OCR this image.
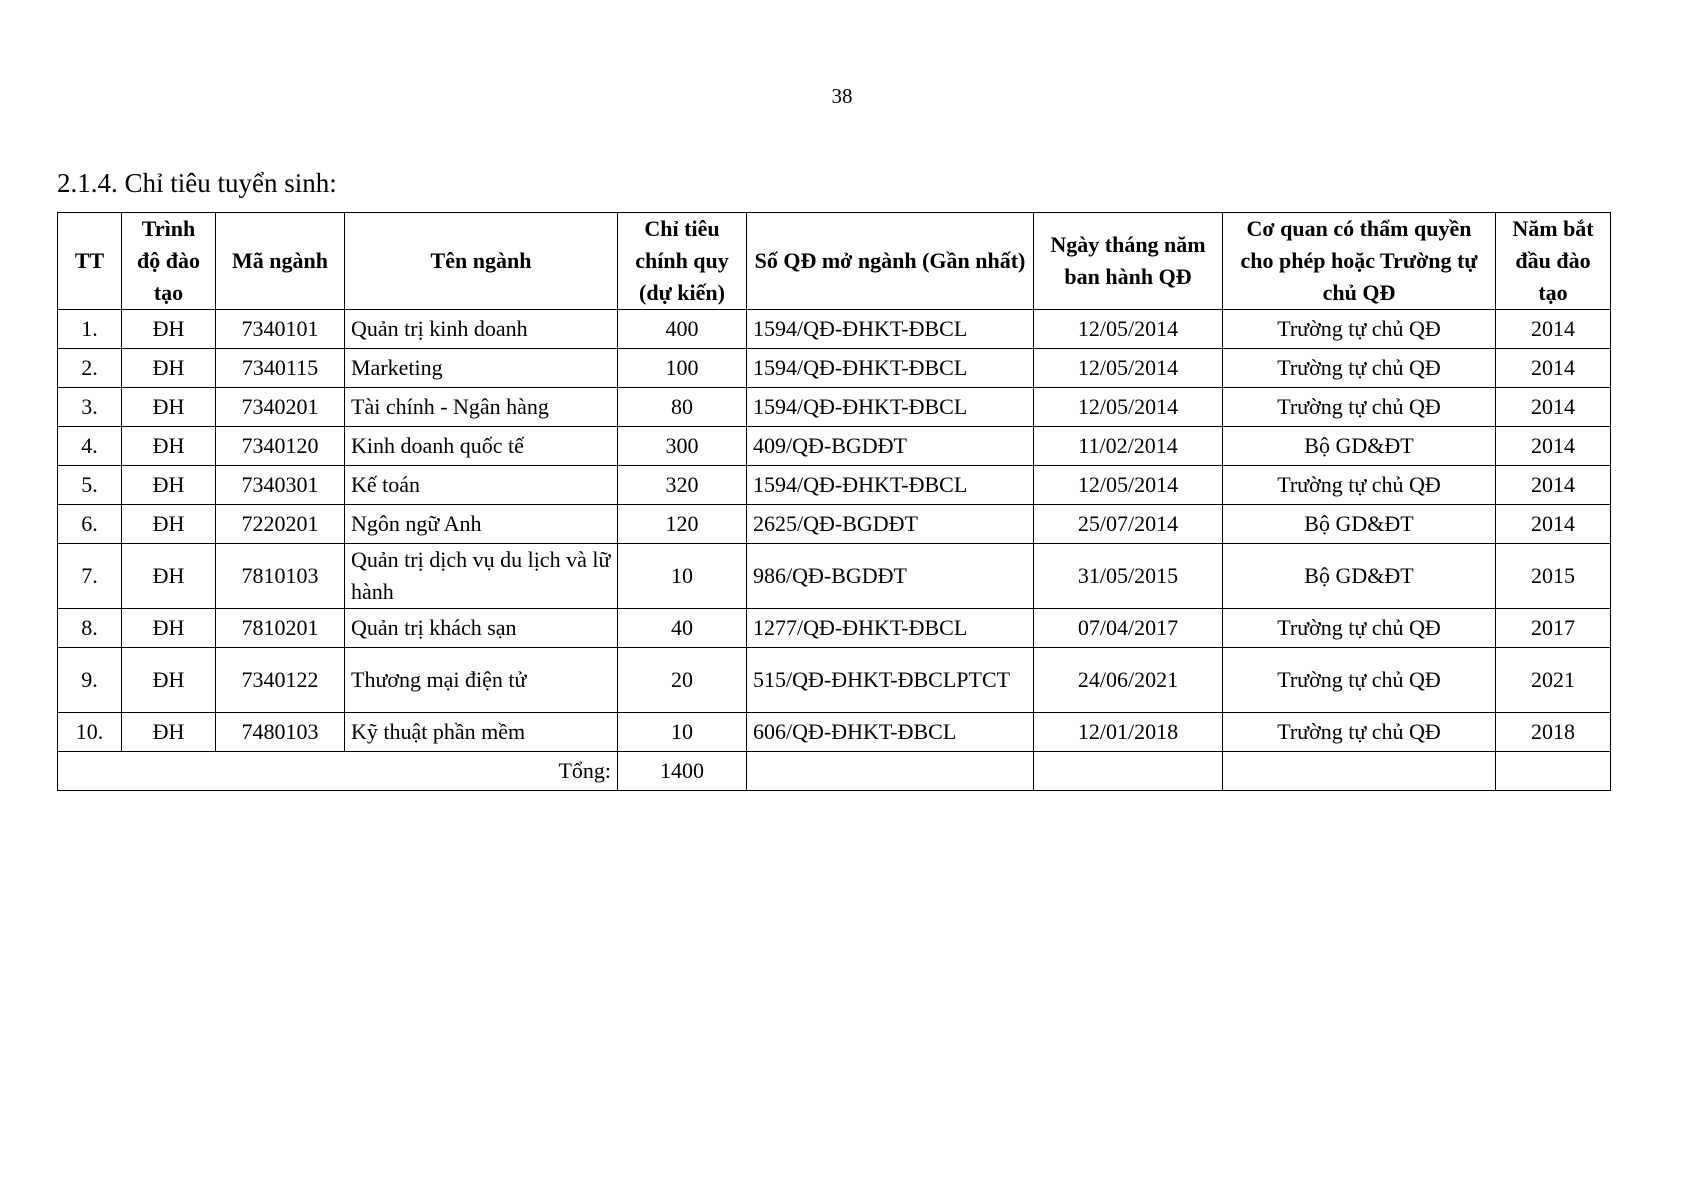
38
2.1.4. Chỉ tiêu tuyển sinh:
TT	Trình độ đào tạo	Mã ngành	Tên ngành	Chỉ tiêu chính quy (dự kiến)	Số QĐ mở ngành (Gần nhất)	Ngày tháng năm ban hành QĐ	Cơ quan có thẩm quyền cho phép hoặc Trường tự chủ QĐ	Năm bắt đầu đào tạo
1.	ĐH	7340101	Quản trị kinh doanh	400	1594/QĐ-ĐHKT-ĐBCL	12/05/2014	Trường tự chủ QĐ	2014
2.	ĐH	7340115	Marketing	100	1594/QĐ-ĐHKT-ĐBCL	12/05/2014	Trường tự chủ QĐ	2014
3.	ĐH	7340201	Tài chính - Ngân hàng	80	1594/QĐ-ĐHKT-ĐBCL	12/05/2014	Trường tự chủ QĐ	2014
4.	ĐH	7340120	Kinh doanh quốc tế	300	409/QĐ-BGDĐT	11/02/2014	Bộ GD&ĐT	2014
5.	ĐH	7340301	Kế toán	320	1594/QĐ-ĐHKT-ĐBCL	12/05/2014	Trường tự chủ QĐ	2014
6.	ĐH	7220201	Ngôn ngữ Anh	120	2625/QĐ-BGDĐT	25/07/2014	Bộ GD&ĐT	2014
7.	ĐH	7810103	Quản trị dịch vụ du lịch và lữ hành	10	986/QĐ-BGDĐT	31/05/2015	Bộ GD&ĐT	2015
8.	ĐH	7810201	Quản trị khách sạn	40	1277/QĐ-ĐHKT-ĐBCL	07/04/2017	Trường tự chủ QĐ	2017
9.	ĐH	7340122	Thương mại điện tử	20	515/QĐ-ĐHKT-ĐBCLPTCT	24/06/2021	Trường tự chủ QĐ	2021
10.	ĐH	7480103	Kỹ thuật phần mềm	10	606/QĐ-ĐHKT-ĐBCL	12/01/2018	Trường tự chủ QĐ	2018
Tổng:				1400				
